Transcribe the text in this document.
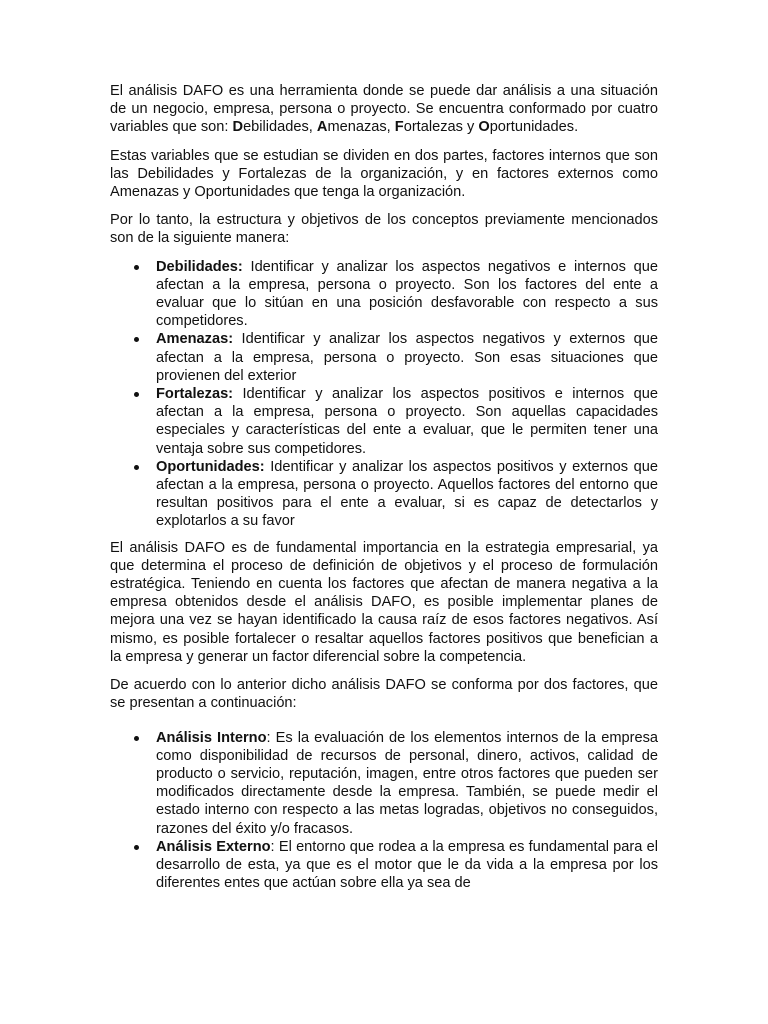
El análisis DAFO es una herramienta donde se puede dar análisis a una situación de un negocio, empresa, persona o proyecto. Se encuentra conformado por cuatro variables que son: Debilidades, Amenazas, Fortalezas y Oportunidades.

Estas variables que se estudian se dividen en dos partes, factores internos que son las Debilidades y Fortalezas de la organización, y en factores externos como Amenazas y Oportunidades que tenga la organización.

Por lo tanto, la estructura y objetivos de los conceptos previamente mencionados son de la siguiente manera:

Debilidades: Identificar y analizar los aspectos negativos e internos que afectan a la empresa, persona o proyecto. Son los factores del ente a evaluar que lo sitúan en una posición desfavorable con respecto a sus competidores.
Amenazas: Identificar y analizar los aspectos negativos y externos que afectan a la empresa, persona o proyecto. Son esas situaciones que provienen del exterior
Fortalezas: Identificar y analizar los aspectos positivos e internos que afectan a la empresa, persona o proyecto. Son aquellas capacidades especiales y características del ente a evaluar, que le permiten tener una ventaja sobre sus competidores.
Oportunidades: Identificar y analizar los aspectos positivos y externos que afectan a la empresa, persona o proyecto. Aquellos factores del entorno que resultan positivos para el ente a evaluar, si es capaz de detectarlos y explotarlos a su favor

El análisis DAFO es de fundamental importancia en la estrategia empresarial, ya que determina el proceso de definición de objetivos y el proceso de formulación estratégica. Teniendo en cuenta los factores que afectan de manera negativa a la empresa obtenidos desde el análisis DAFO, es posible implementar planes de mejora una vez se hayan identificado la causa raíz de esos factores negativos. Así mismo, es posible fortalecer o resaltar aquellos factores positivos que benefician a la empresa y generar un factor diferencial sobre la competencia.

De acuerdo con lo anterior dicho análisis DAFO se conforma por dos factores, que se presentan a continuación:

Análisis Interno: Es la evaluación de los elementos internos de la empresa como disponibilidad de recursos de personal, dinero, activos, calidad de producto o servicio, reputación, imagen, entre otros factores que pueden ser modificados directamente desde la empresa. También, se puede medir el estado interno con respecto a las metas logradas, objetivos no conseguidos, razones del éxito y/o fracasos.
Análisis Externo: El entorno que rodea a la empresa es fundamental para el desarrollo de esta, ya que es el motor que le da vida a la empresa por los diferentes entes que actúan sobre ella ya sea de
